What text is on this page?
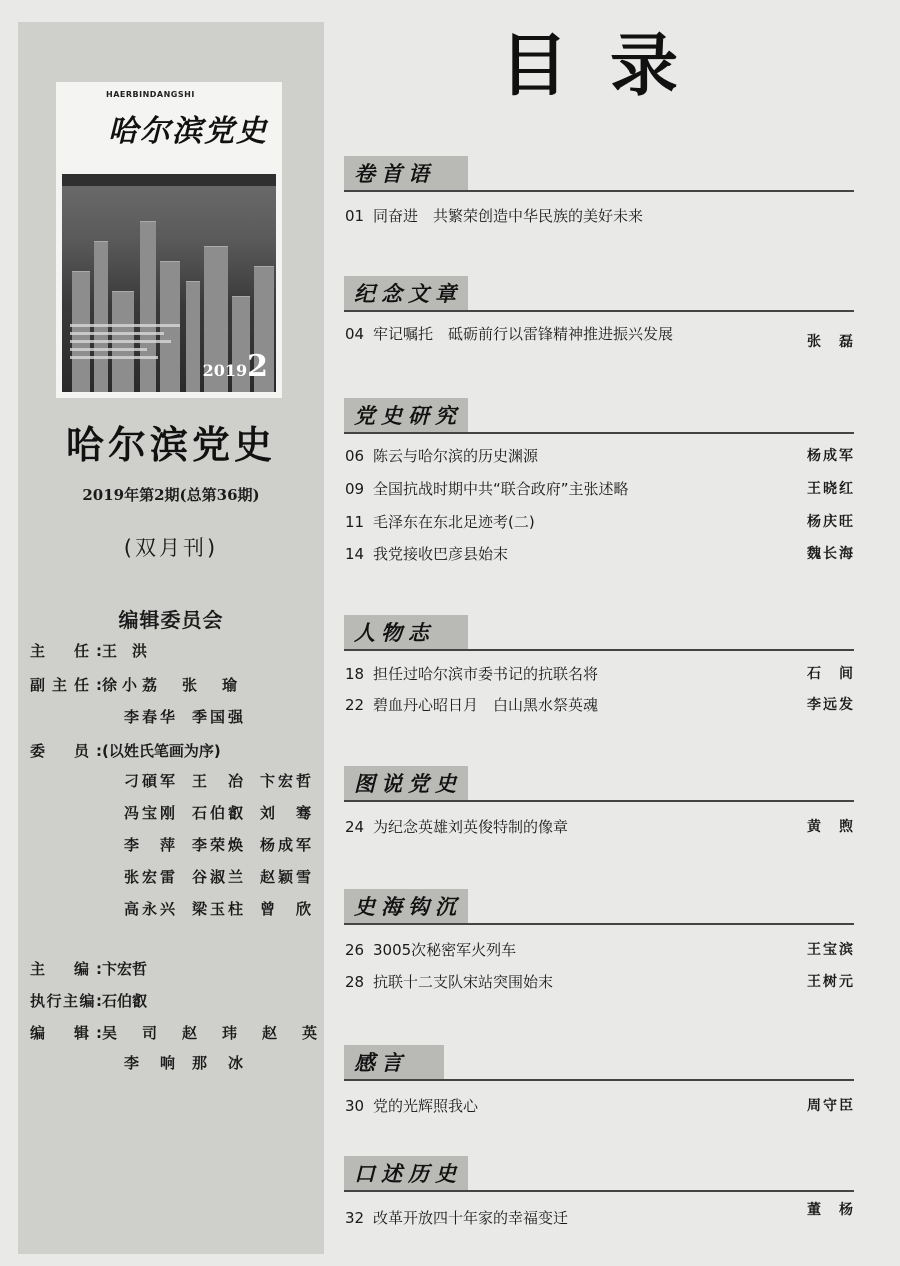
HAERBINDANGSHI
哈尔滨党史
20192
哈尔滨党史
2019年第2期(总第36期)
(双月刊)
编辑委员会
主　任:王　洪
副主任:徐小荔 张　瑜
李春华 季国强
委　员:(以姓氏笔画为序)
刁碩军 王　冶 卞宏哲
冯宝刚 石伯叡 刘　骞
李　萍 李荣焕 杨成军
张宏雷 谷淑兰 赵颖雪
高永兴 梁玉柱 曾　欣
主　编:卞宏哲
执行主编:石伯叡
编　辑:吴　司 赵　玮 赵　英
李　响 那　冰
目录
卷首语
01 同奋进　共繁荣创造中华民族的美好未来
纪念文章
04 牢记嘱托　砥砺前行以雷锋精神推进振兴发展	张　磊
党史研究
06 陈云与哈尔滨的历史渊源	杨成军
09 全国抗战时期中共“联合政府”主张述略	王晓红
11 毛泽东在东北足迹考(二)	杨庆旺
14 我党接收巴彦县始末	魏长海
人物志
18 担任过哈尔滨市委书记的抗联名将	石　间
22 碧血丹心昭日月　白山黑水祭英魂	李远发
图说党史
24 为纪念英雄刘英俊特制的像章	黄　煦
史海钩沉
26 3005次秘密军火列车	王宝滨
28 抗联十二支队宋站突围始末	王树元
感言
30 党的光辉照我心	周守臣
口述历史
32 改革开放四十年家的幸福变迁	董　杨
